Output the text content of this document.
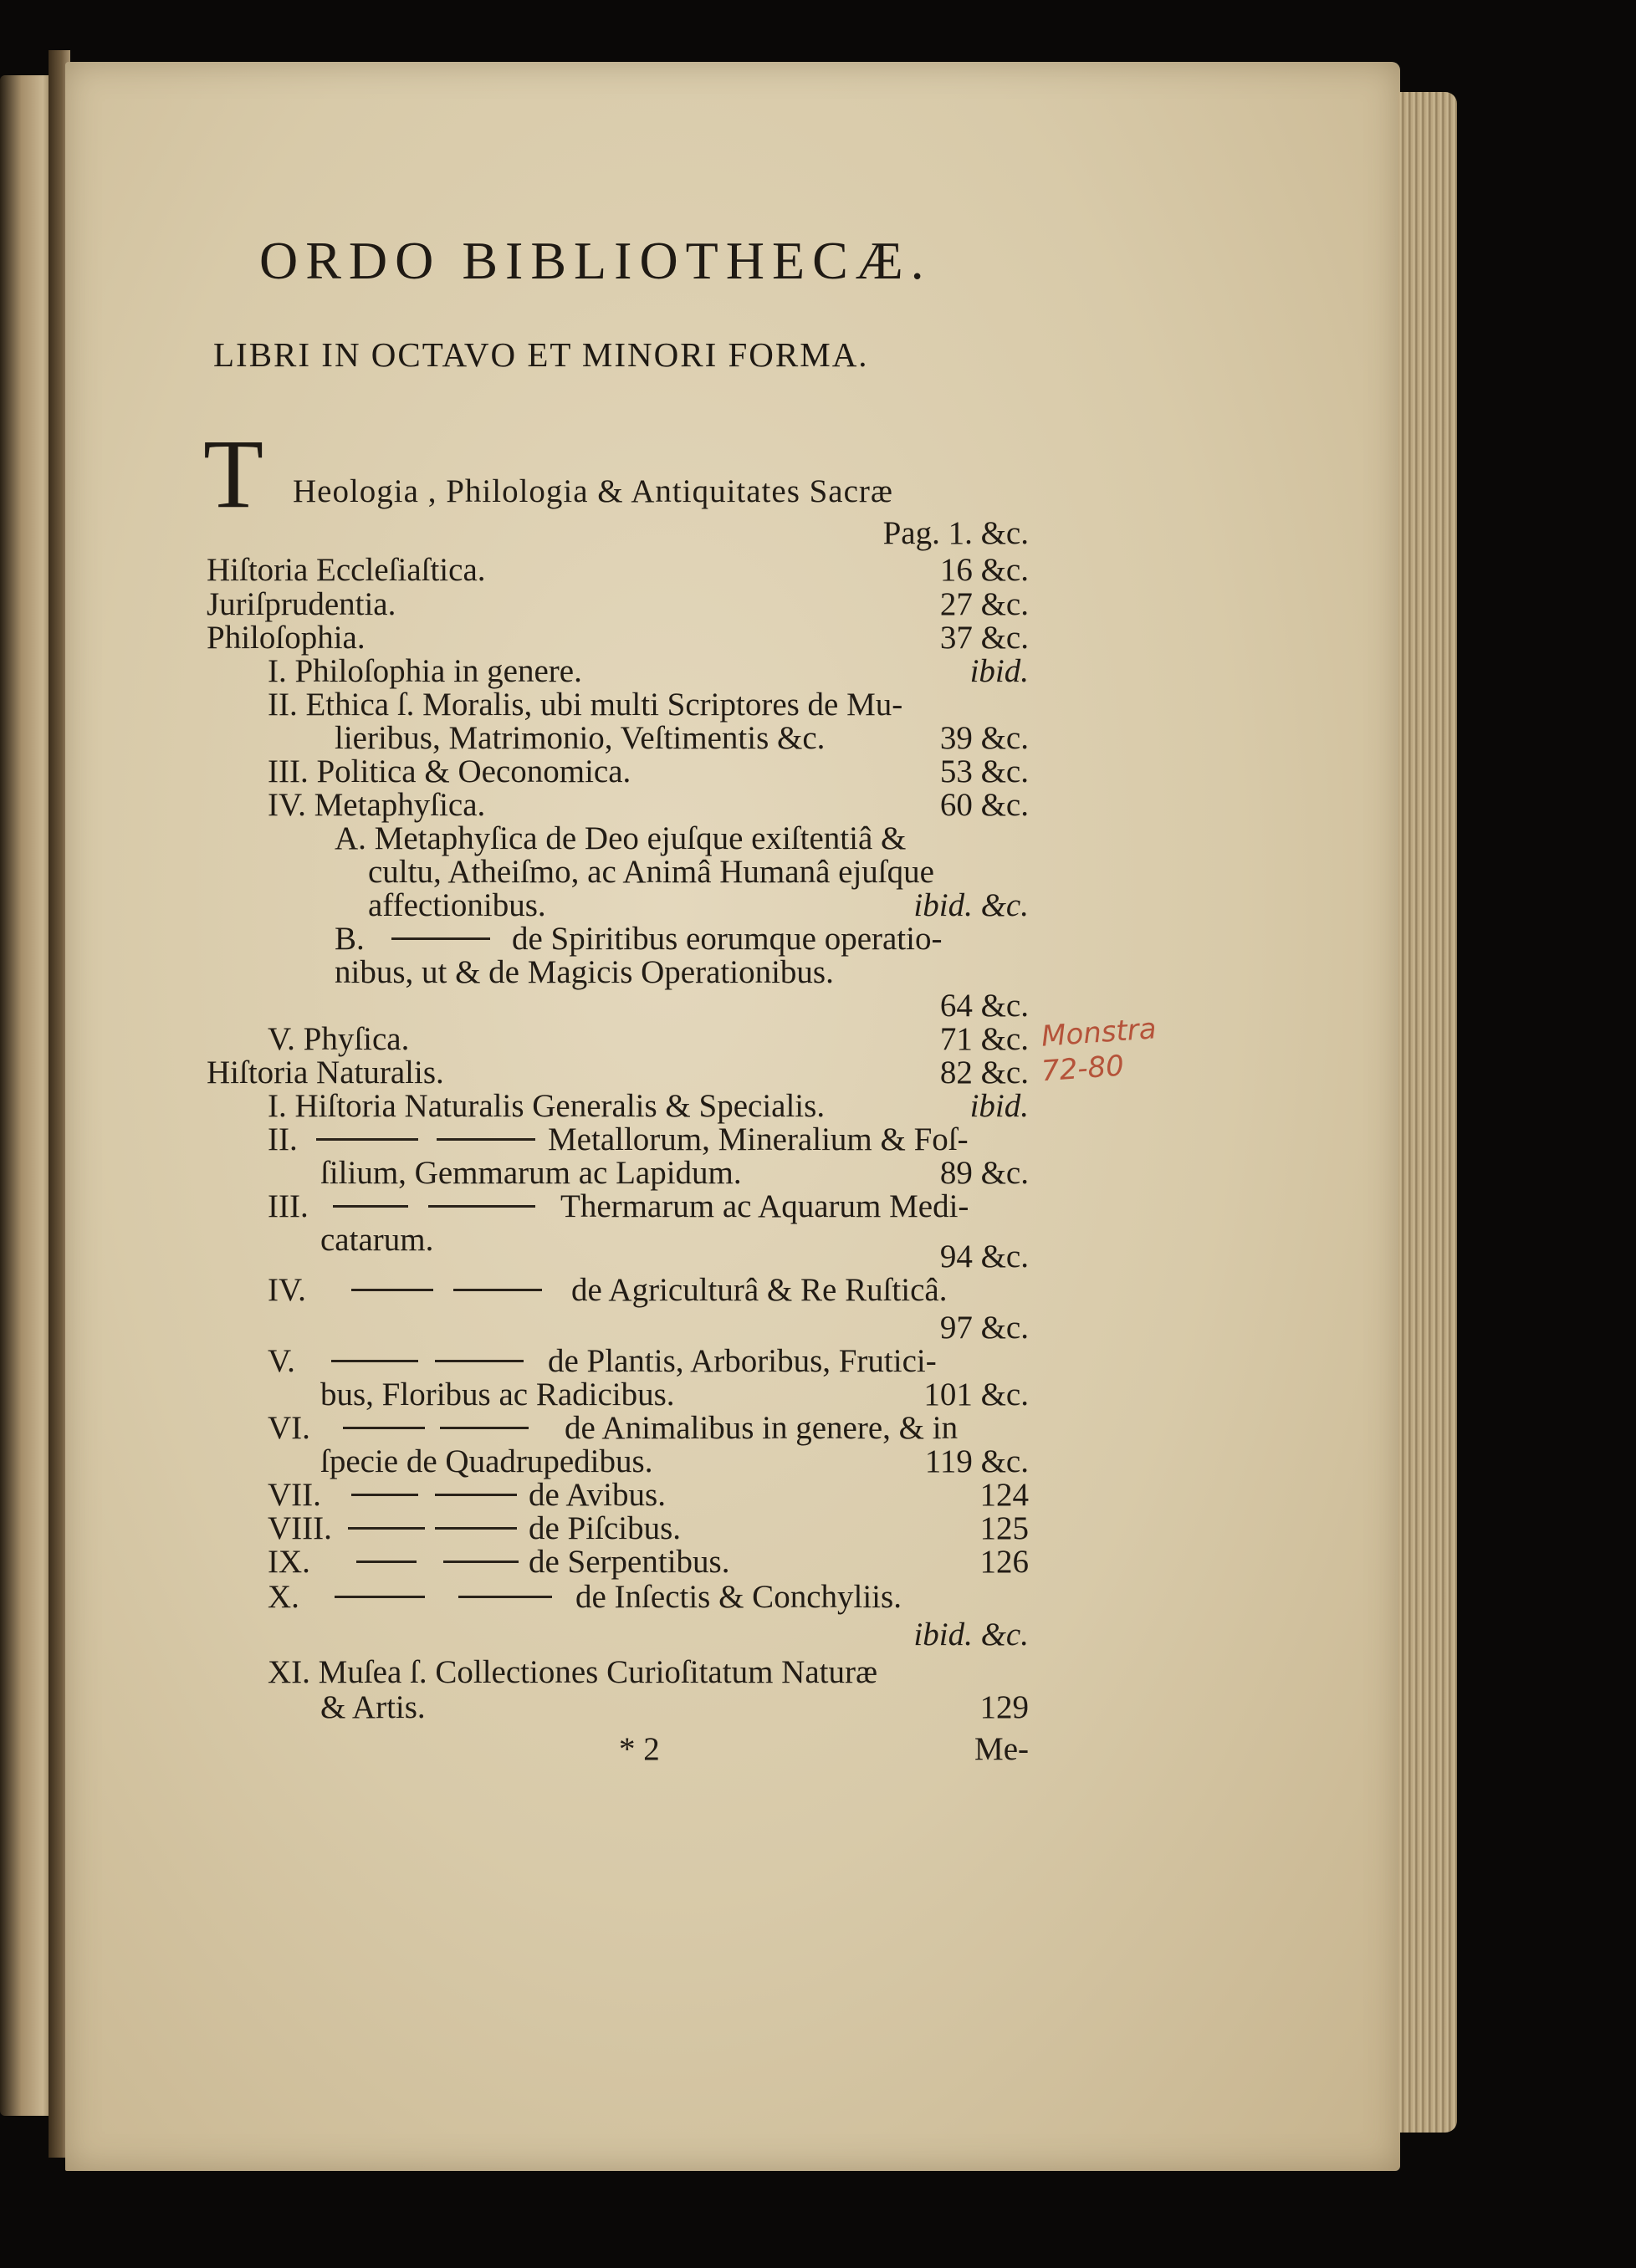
ORDO BIBLIOTHECÆ.
LIBRI IN OCTAVO ET MINORI FORMA.
T Heologia , Philologia & Antiquitates Sacræ
Pag. 1. &c.
Hiſtoria Eccleſiaſtica.	16 &c.
Juriſprudentia.	27 &c.
Philoſophia.	37 &c.
I. Philoſophia in genere.	ibid.
II. Ethica ſ. Moralis, ubi multi Scriptores de Mu-
lieribus, Matrimonio, Veſtimentis &c.	39 &c.
III. Politica & Oeconomica.	53 &c.
IV. Metaphyſica.	60 &c.
A. Metaphyſica de Deo ejuſque exiſtentiâ &
cultu, Atheiſmo, ac Animâ Humanâ ejuſque
affectionibus.	ibid. &c.
B.	de Spiritibus eorumque operatio-
nibus, ut & de Magicis Operationibus.
64 &c.
V. Phyſica.	71 &c.
Hiſtoria Naturalis.	82 &c.
I. Hiſtoria Naturalis Generalis & Specialis.	ibid.
II.	Metallorum, Mineralium & Foſ-
ſilium, Gemmarum ac Lapidum.	89 &c.
III.	Thermarum ac Aquarum Medi-
catarum.	94 &c.
IV.	de Agriculturâ & Re Ruſticâ.
97 &c.
V.	de Plantis, Arboribus, Frutici-
bus, Floribus ac Radicibus.	101 &c.
VI.	de Animalibus in genere, & in
ſpecie de Quadrupedibus.	119 &c.
VII.	de Avibus.	124
VIII.	de Piſcibus.	125
IX.	de Serpentibus.	126
X.	de Inſectis & Conchyliis.
ibid. &c.
XI. Muſea ſ. Collectiones Curioſitatum Naturæ
& Artis.	129
* 2	Me-
Monstra
72-80
